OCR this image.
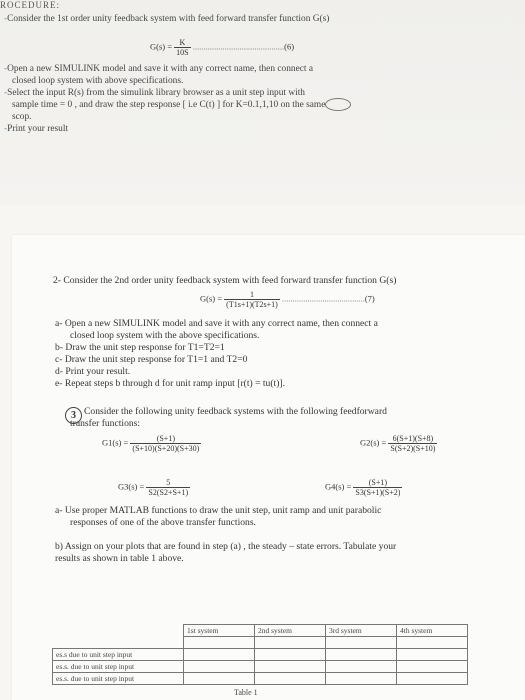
ROCEDURE:
-Consider the 1st order unity feedback system with feed forward transfer function G(s)
$G(s) = \frac{K}{10S} ...........................................(6)$
-Open a new SIMULINK model and save it with any correct name, then connect a
closed loop system with above specifications.
-Select the input R(s) from the simulink library browser as a unit step input with
sample time = 0 , and draw the step response [ i.e C(t) ] for K=0.1,1,10 on the same
scop.
-Print your result
2- Consider the 2nd order unity feedback system with feed forward transfer function G(s)
$G(s) = \frac{1}{(T1s+1)(T2s+1)} .......................................(7)$
a- Open a new SIMULINK model and save it with any correct name, then connect a
closed loop system with the above specifications.
b- Draw the unit step response for T1=T2=1
c- Draw the unit step response for T1=1 and T2=0
d- Print your result.
e- Repeat steps b through d for unit ramp input [r(t) = tu(t)].
3 Consider the following unity feedback systems with the following feedforward
transfer functions:
$G1(s) = \frac{(S+1)}{(S+10)(S+20)(S+30)}$	$G2(s) = \frac{6(S+1)(S+8)}{S(S+2)(S+10)}$
$G3(s) = \frac{5}{S2(S2+S+1)}$	$G4(s) = \frac{(S+1)}{S3(S+1)(S+2)}$
a- Use proper MATLAB functions to draw the unit step, unit ramp and unit parabolic
responses of one of the above transfer functions.
b) Assign on your plots that are found in step (a) , the steady – state errors. Tabulate your
results as shown in table 1 above.
	1st system	2nd system	3rd system	4th system

es.s due to unit step input				
es.s. due to unit step input				
es.s. due to unit step input				
Table 1
